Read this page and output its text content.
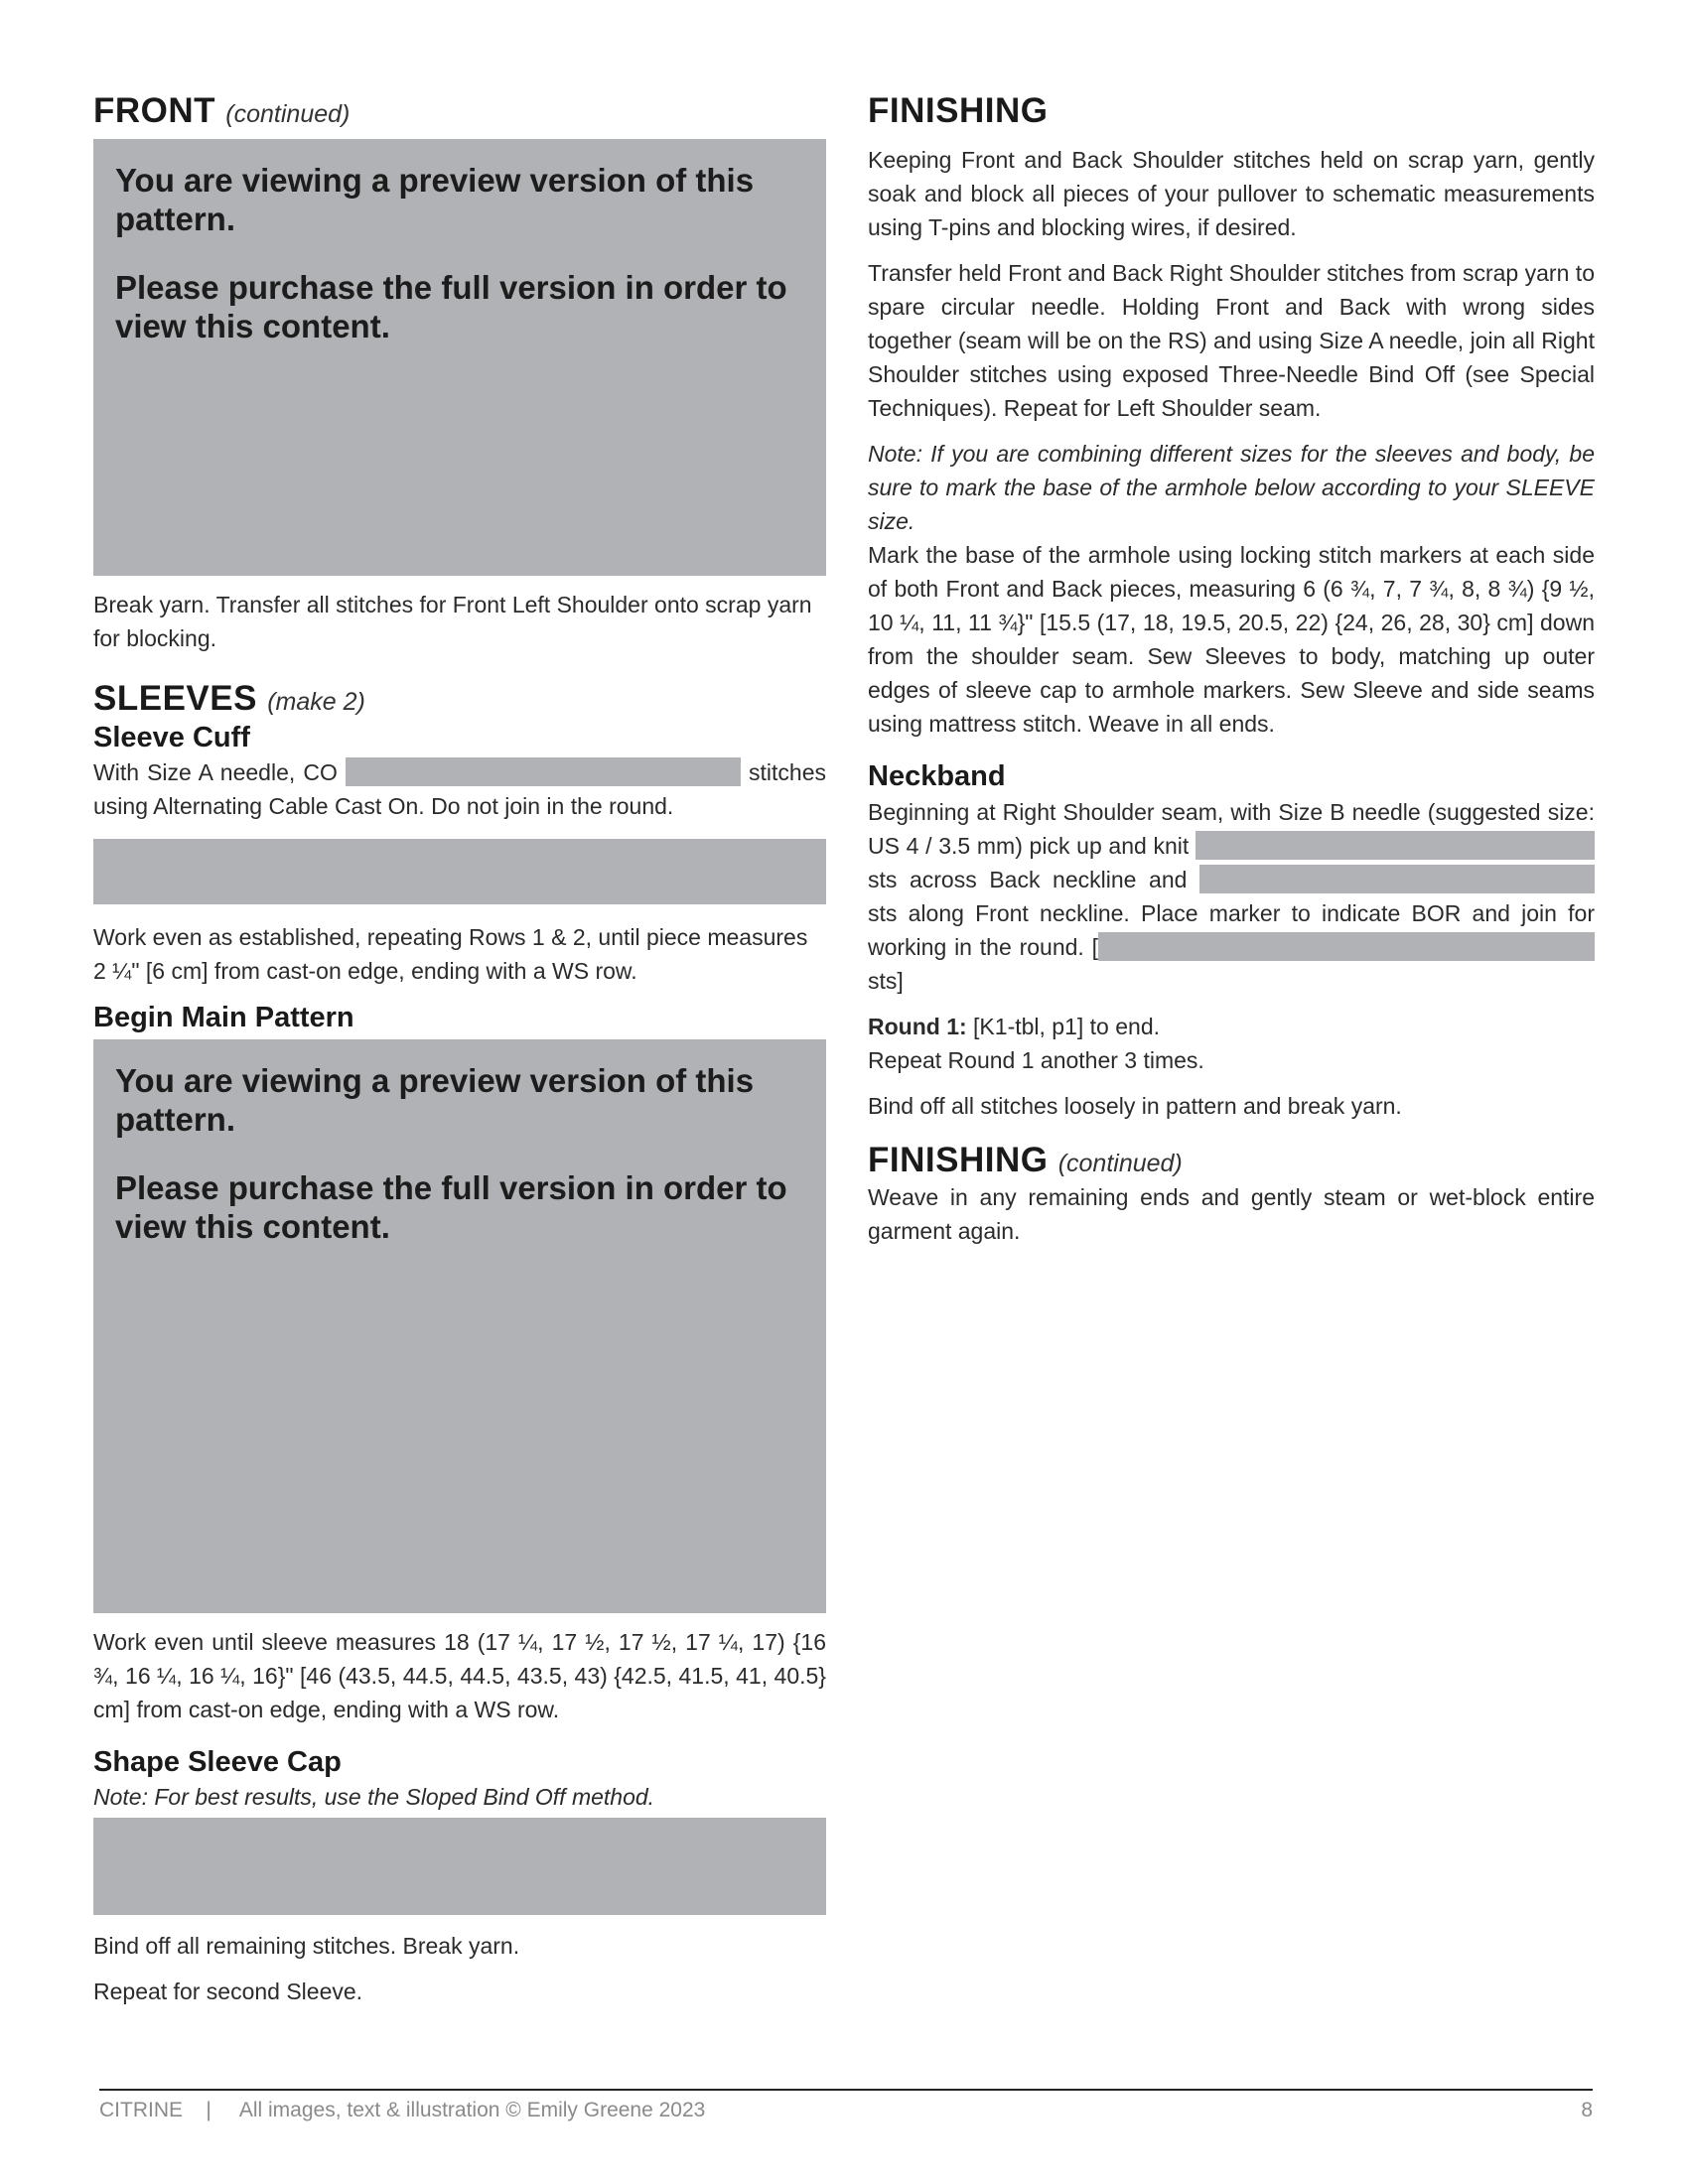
FRONT (continued)

You are viewing a preview version of this pattern.

Please purchase the full version in order to view this content.

Break yarn. Transfer all stitches for Front Left Shoulder onto scrap yarn for blocking.

SLEEVES (make 2)
Sleeve Cuff

With Size A needle, CO	stitches using Alternating Cable Cast On. Do not join in the round.

Work even as established, repeating Rows 1 & 2, until piece measures 2 ¼" [6 cm] from cast-on edge, ending with a WS row.

Begin Main Pattern

You are viewing a preview version of this pattern.

Please purchase the full version in order to view this content.

Work even until sleeve measures 18 (17 ¼, 17 ½, 17 ½, 17 ¼, 17) {16 ¾, 16 ¼, 16 ¼, 16}" [46 (43.5, 44.5, 44.5, 43.5, 43) {42.5, 41.5, 41, 40.5} cm] from cast-on edge, ending with a WS row.

Shape Sleeve Cap

Note: For best results, use the Sloped Bind Off method.

Bind off all remaining stitches. Break yarn.

Repeat for second Sleeve.

FINISHING

Keeping Front and Back Shoulder stitches held on scrap yarn, gently soak and block all pieces of your pullover to schematic measurements using T-pins and blocking wires, if desired.

Transfer held Front and Back Right Shoulder stitches from scrap yarn to spare circular needle. Holding Front and Back with wrong sides together (seam will be on the RS) and using Size A needle, join all Right Shoulder stitches using exposed Three-Needle Bind Off (see Special Techniques). Repeat for Left Shoulder seam.

Note: If you are combining different sizes for the sleeves and body, be sure to mark the base of the armhole below according to your SLEEVE size.

Mark the base of the armhole using locking stitch markers at each side of both Front and Back pieces, measuring 6 (6 ¾, 7, 7 ¾, 8, 8 ¾) {9 ½, 10 ¼, 11, 11 ¾}" [15.5 (17, 18, 19.5, 20.5, 22) {24, 26, 28, 30} cm] down from the shoulder seam. Sew Sleeves to body, matching up outer edges of sleeve cap to armhole markers. Sew Sleeve and side seams using mattress stitch. Weave in all ends.

Neckband

Beginning at Right Shoulder seam, with Size B needle (suggested size: US 4 / 3.5 mm) pick up and knit  sts across Back neckline and  sts along Front neckline. Place marker to indicate BOR and join for working in the round. [sts]

Round 1: [K1-tbl, p1] to end.

Repeat Round 1 another 3 times.

Bind off all stitches loosely in pattern and break yarn.

FINISHING (continued)

Weave in any remaining ends and gently steam or wet-block entire garment again.

CITRINE | All images, text & illustration © Emily Greene 2023	8
